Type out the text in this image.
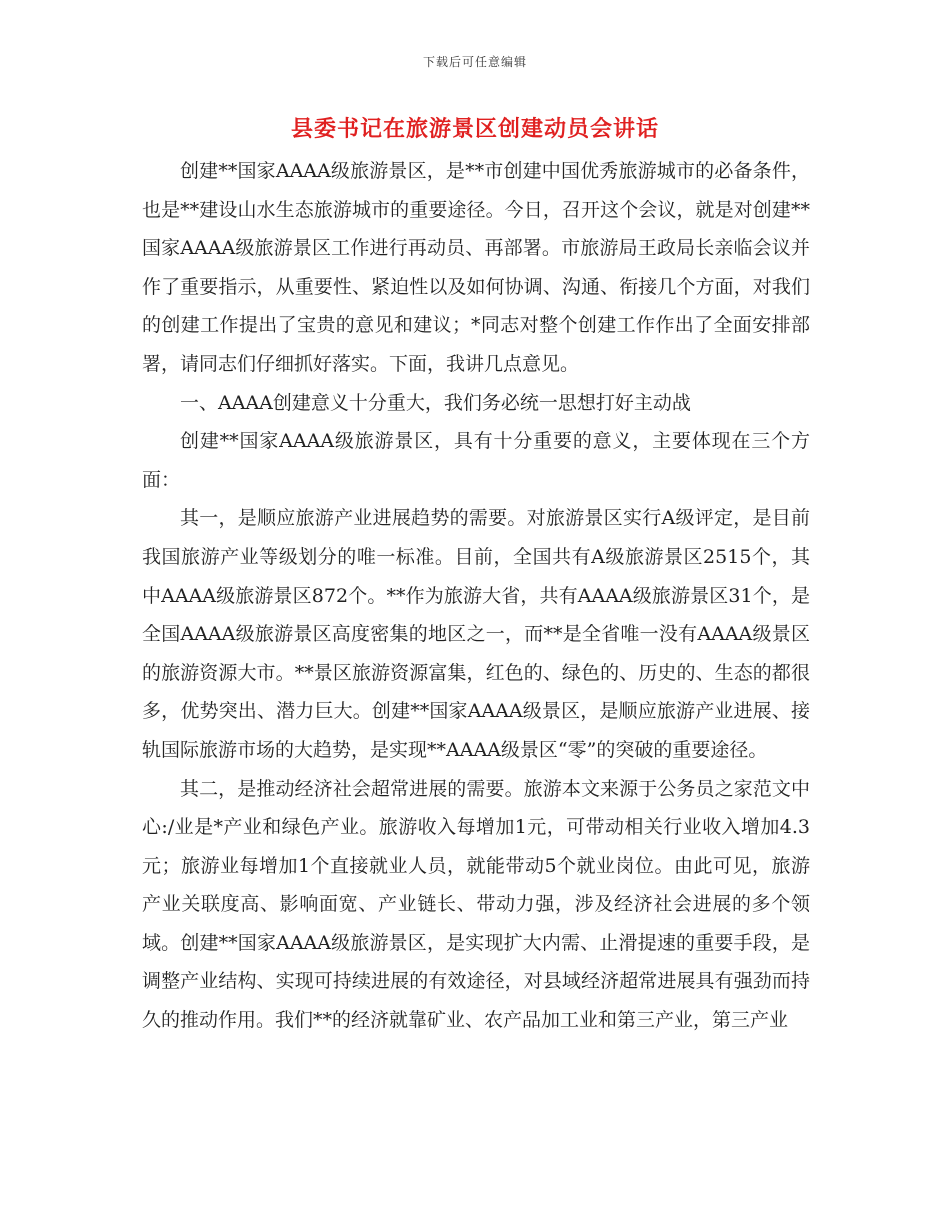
下载后可任意编辑
县委书记在旅游景区创建动员会讲话

创建**国家AAAA级旅游景区，是**市创建中国优秀旅游城市的必备条件，也是**建设山水生态旅游城市的重要途径。今日，召开这个会议，就是对创建**国家AAAA级旅游景区工作进行再动员、再部署。市旅游局王政局长亲临会议并作了重要指示，从重要性、紧迫性以及如何协调、沟通、衔接几个方面，对我们的创建工作提出了宝贵的意见和建议；*同志对整个创建工作作出了全面安排部署，请同志们仔细抓好落实。下面，我讲几点意见。

一、AAAA创建意义十分重大，我们务必统一思想打好主动战

创建**国家AAAA级旅游景区，具有十分重要的意义，主要体现在三个方面：

其一，是顺应旅游产业进展趋势的需要。对旅游景区实行A级评定，是目前我国旅游产业等级划分的唯一标准。目前，全国共有A级旅游景区2515个，其中AAAA级旅游景区872个。**作为旅游大省，共有AAAA级旅游景区31个，是全国AAAA级旅游景区高度密集的地区之一，而**是全省唯一没有AAAA级景区的旅游资源大市。**景区旅游资源富集，红色的、绿色的、历史的、生态的都很多，优势突出、潜力巨大。创建**国家AAAA级景区，是顺应旅游产业进展、接轨国际旅游市场的大趋势，是实现**AAAA级景区“零”的突破的重要途径。

其二，是推动经济社会超常进展的需要。旅游本文来源于公务员之家范文中心:/业是*产业和绿色产业。旅游收入每增加1元，可带动相关行业收入增加4.3元；旅游业每增加1个直接就业人员，就能带动5个就业岗位。由此可见，旅游产业关联度高、影响面宽、产业链长、带动力强，涉及经济社会进展的多个领域。创建**国家AAAA级旅游景区，是实现扩大内需、止滑提速的重要手段，是调整产业结构、实现可持续进展的有效途径，对县域经济超常进展具有强劲而持久的推动作用。我们**的经济就靠矿业、农产品加工业和第三产业，第三产业
